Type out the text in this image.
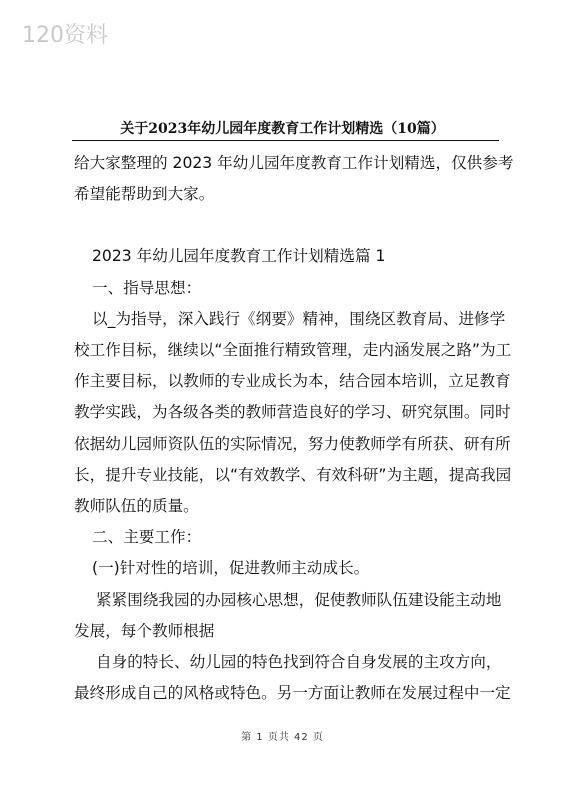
120资料
关于2023年幼儿园年度教育工作计划精选（10篇）

给大家整理的 2023 年幼儿园年度教育工作计划精选，仅供参考

希望能帮助到大家。

2023 年幼儿园年度教育工作计划精选篇 1

一、指导思想：

以_为指导，深入践行《纲要》精神，围绕区教育局、进修学

校工作目标，继续以“全面推行精致管理，走内涵发展之路”为工

作主要目标，以教师的专业成长为本，结合园本培训，立足教育

教学实践，为各级各类的教师营造良好的学习、研究氛围。同时

依据幼儿园师资队伍的实际情况，努力使教师学有所获、研有所

长，提升专业技能，以“有效教学、有效科研”为主题，提高我园

教师队伍的质量。

二、主要工作：

(一)针对性的培训，促进教师主动成长。

紧紧围绕我园的办园核心思想，促使教师队伍建设能主动地

发展，每个教师根据

自身的特长、幼儿园的特色找到符合自身发展的主攻方向，

最终形成自己的风格或特色。另一方面让教师在发展过程中一定

第 1 页共 42 页
